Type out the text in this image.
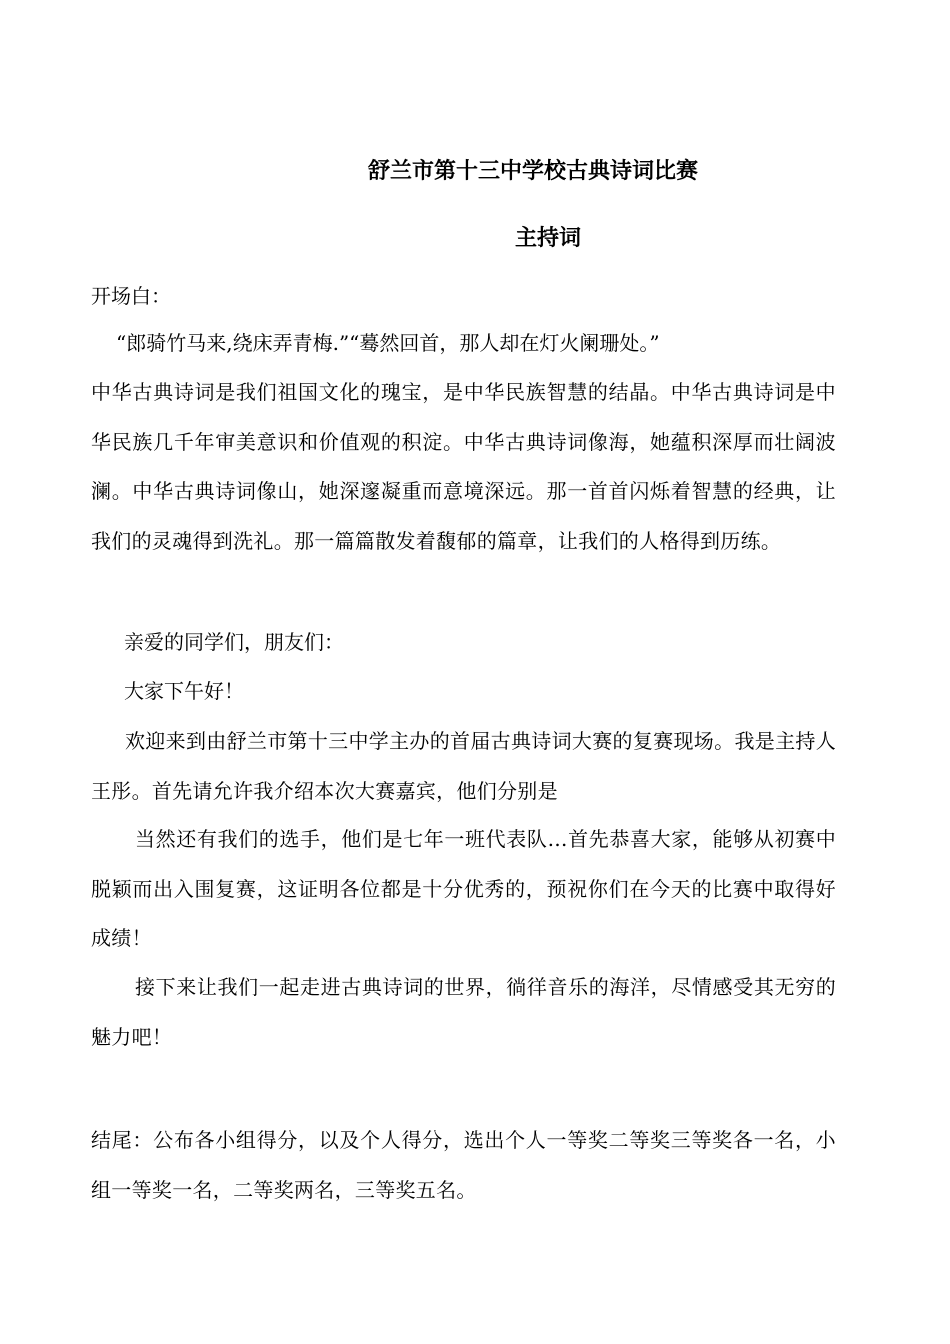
舒兰市第十三中学校古典诗词比赛
主持词
开场白：
“郎骑竹马来,绕床弄青梅.”“蓦然回首，那人却在灯火阑珊处。”
中华古典诗词是我们祖国文化的瑰宝，是中华民族智慧的结晶。中华古典诗词是中华民族几千年审美意识和价值观的积淀。中华古典诗词像海，她蕴积深厚而壮阔波澜。中华古典诗词像山，她深邃凝重而意境深远。那一首首闪烁着智慧的经典，让我们的灵魂得到洗礼。那一篇篇散发着馥郁的篇章，让我们的人格得到历练。
亲爱的同学们，朋友们：
大家下午好！
欢迎来到由舒兰市第十三中学主办的首届古典诗词大赛的复赛现场。我是主持人王彤。首先请允许我介绍本次大赛嘉宾，他们分别是
当然还有我们的选手，他们是七年一班代表队…首先恭喜大家，能够从初赛中脱颖而出入围复赛，这证明各位都是十分优秀的，预祝你们在今天的比赛中取得好成绩！
接下来让我们一起走进古典诗词的世界，徜徉音乐的海洋，尽情感受其无穷的魅力吧！
结尾：公布各小组得分，以及个人得分，选出个人一等奖二等奖三等奖各一名，小组一等奖一名，二等奖两名，三等奖五名。
